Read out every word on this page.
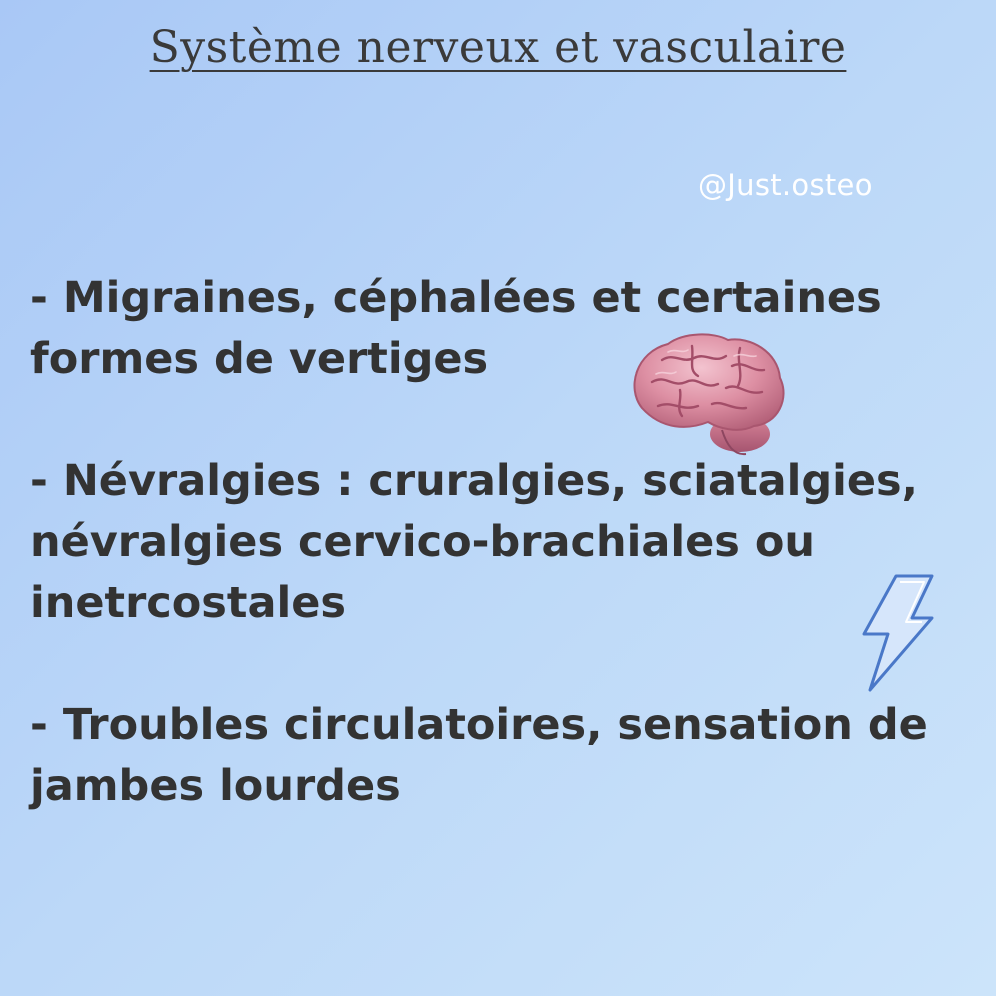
Système nerveux et vasculaire
@Just.osteo
- Migraines, céphalées et certaines formes de vertiges
- Névralgies : cruralgies, sciatalgies, névralgies cervico-brachiales ou inetrcostales
- Troubles circulatoires, sensation de jambes lourdes
